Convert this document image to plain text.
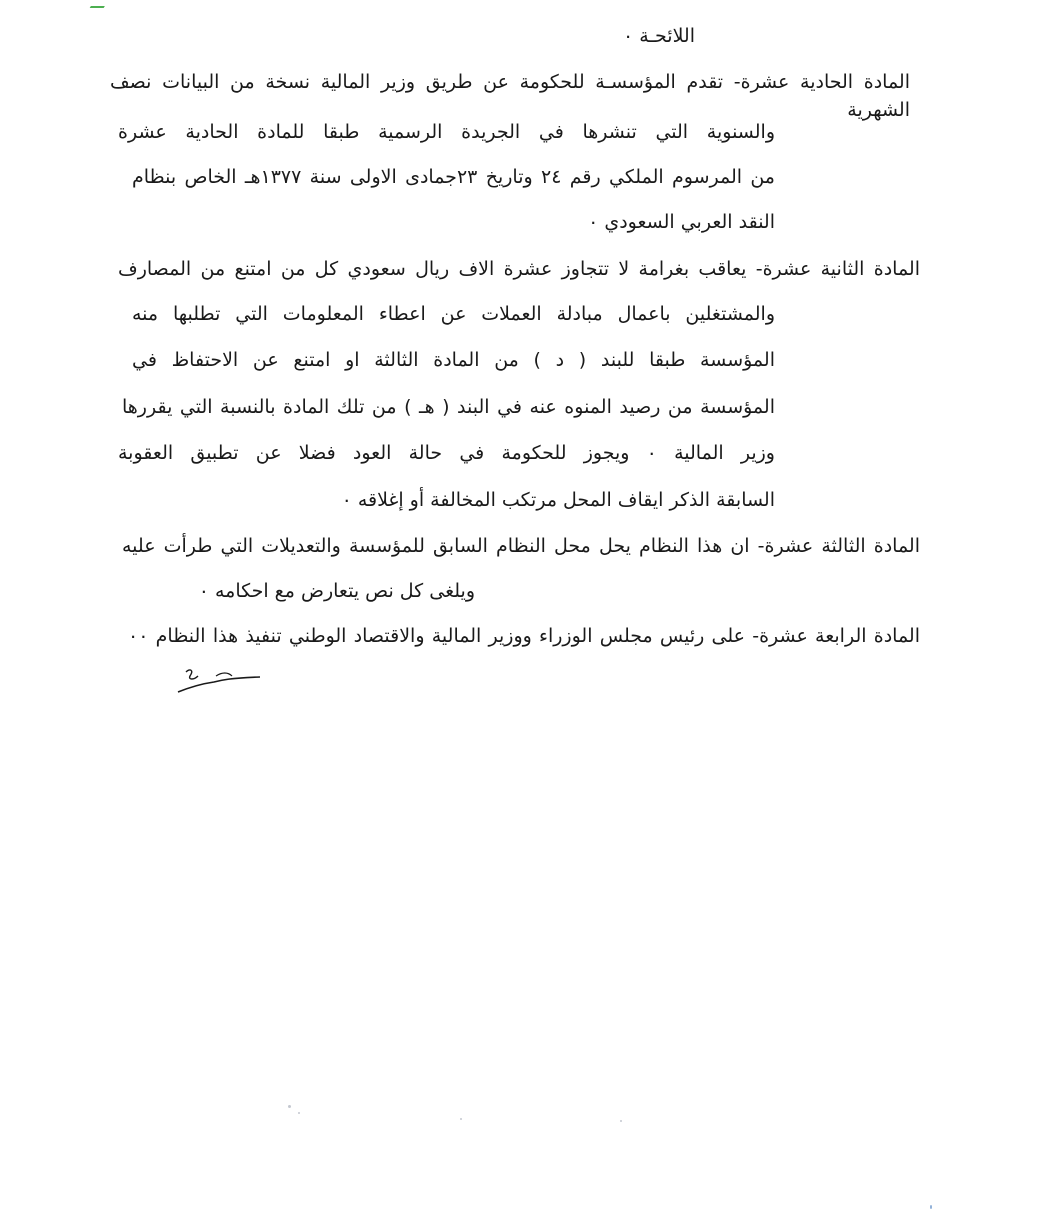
اللائحـة ٠
المادة الحادية عشرة- تقدم المؤسسـة للحكومة عن طريق وزير المالية نسخة من البيانات نصف الشهرية
والسنوية التي تنشرها في الجريدة الرسمية طبقا للمادة الحادية عشرة
من المرسوم الملكي رقم ٢٤ وتاريخ ٢٣جمادى الاولى سنة ١٣٧٧هـ الخاص بنظام
النقد العربي السعودي ٠
المادة الثانية عشرة- يعاقب بغرامة لا تتجاوز عشرة الاف ريال سعودي كل من امتنع من المصارف
والمشتغلين باعمال مبادلة العملات عن اعطاء المعلومات التي تطلبها منه
المؤسسة طبقا للبند ( د ) من المادة الثالثة او امتنع عن الاحتفاظ في
المؤسسة من رصيد المنوه عنه في البند ( هـ ) من تلك المادة بالنسبة التي يقررها
وزير المالية ٠ ويجوز للحكومة في حالة العود فضلا عن تطبيق العقوبة
السابقة الذكر ايقاف المحل مرتكب المخالفة أو إغلاقه ٠
المادة الثالثة عشرة- ان هذا النظام يحل محل النظام السابق للمؤسسة والتعديلات التي طرأت عليه
ويلغى كل نص يتعارض مع احكامه ٠
المادة الرابعة عشرة- على رئيس مجلس الوزراء ووزير المالية والاقتصاد الوطني تنفيذ هذا النظام ٠٠
